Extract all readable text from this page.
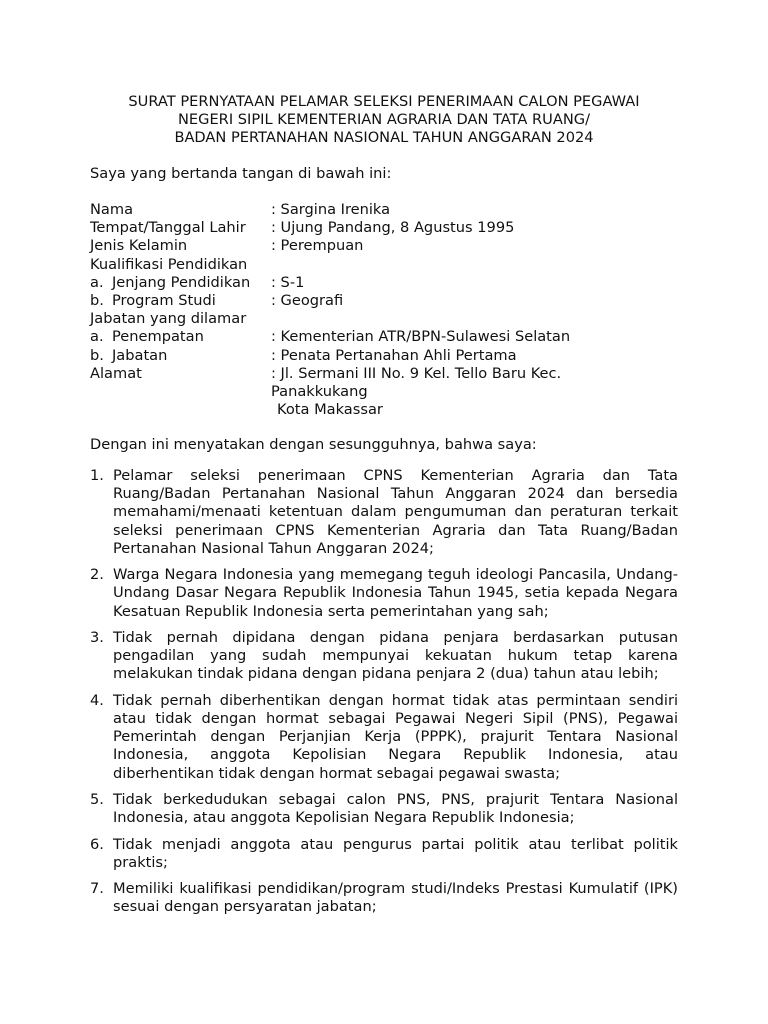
SURAT PERNYATAAN PELAMAR SELEKSI PENERIMAAN CALON PEGAWAI
NEGERI SIPIL KEMENTERIAN AGRARIA DAN TATA RUANG/
BADAN PERTANAHAN NASIONAL TAHUN ANGGARAN 2024
Saya yang bertanda tangan di bawah ini:
Nama	: Sargina Irenika
Tempat/Tanggal Lahir : Ujung Pandang, 8 Agustus 1995
Jenis Kelamin	: Perempuan
Kualifikasi Pendidikan
a. Jenjang Pendidikan : S-1
b. Program Studi	: Geografi
Jabatan yang dilamar
a. Penempatan	: Kementerian ATR/BPN-Sulawesi Selatan
b. Jabatan	: Penata Pertanahan Ahli Pertama
Alamat	: Jl. Sermani III No. 9 Kel. Tello Baru Kec.
Panakkukang
Kota Makassar
Dengan ini menyatakan dengan sesungguhnya, bahwa saya:
1. Pelamar seleksi penerimaan CPNS Kementerian Agraria dan Tata Ruang/Badan Pertanahan Nasional Tahun Anggaran 2024 dan bersedia memahami/menaati ketentuan dalam pengumuman dan peraturan terkait seleksi penerimaan CPNS Kementerian Agraria dan Tata Ruang/Badan Pertanahan Nasional Tahun Anggaran 2024;
2. Warga Negara Indonesia yang memegang teguh ideologi Pancasila, Undang-Undang Dasar Negara Republik Indonesia Tahun 1945, setia kepada Negara Kesatuan Republik Indonesia serta pemerintahan yang sah;
3. Tidak pernah dipidana dengan pidana penjara berdasarkan putusan pengadilan yang sudah mempunyai kekuatan hukum tetap karena melakukan tindak pidana dengan pidana penjara 2 (dua) tahun atau lebih;
4. Tidak pernah diberhentikan dengan hormat tidak atas permintaan sendiri atau tidak dengan hormat sebagai Pegawai Negeri Sipil (PNS), Pegawai Pemerintah dengan Perjanjian Kerja (PPPK), prajurit Tentara Nasional Indonesia, anggota Kepolisian Negara Republik Indonesia, atau diberhentikan tidak dengan hormat sebagai pegawai swasta;
5. Tidak berkedudukan sebagai calon PNS, PNS, prajurit Tentara Nasional Indonesia, atau anggota Kepolisian Negara Republik Indonesia;
6. Tidak menjadi anggota atau pengurus partai politik atau terlibat politik praktis;
7. Memiliki kualifikasi pendidikan/program studi/Indeks Prestasi Kumulatif (IPK) sesuai dengan persyaratan jabatan;
